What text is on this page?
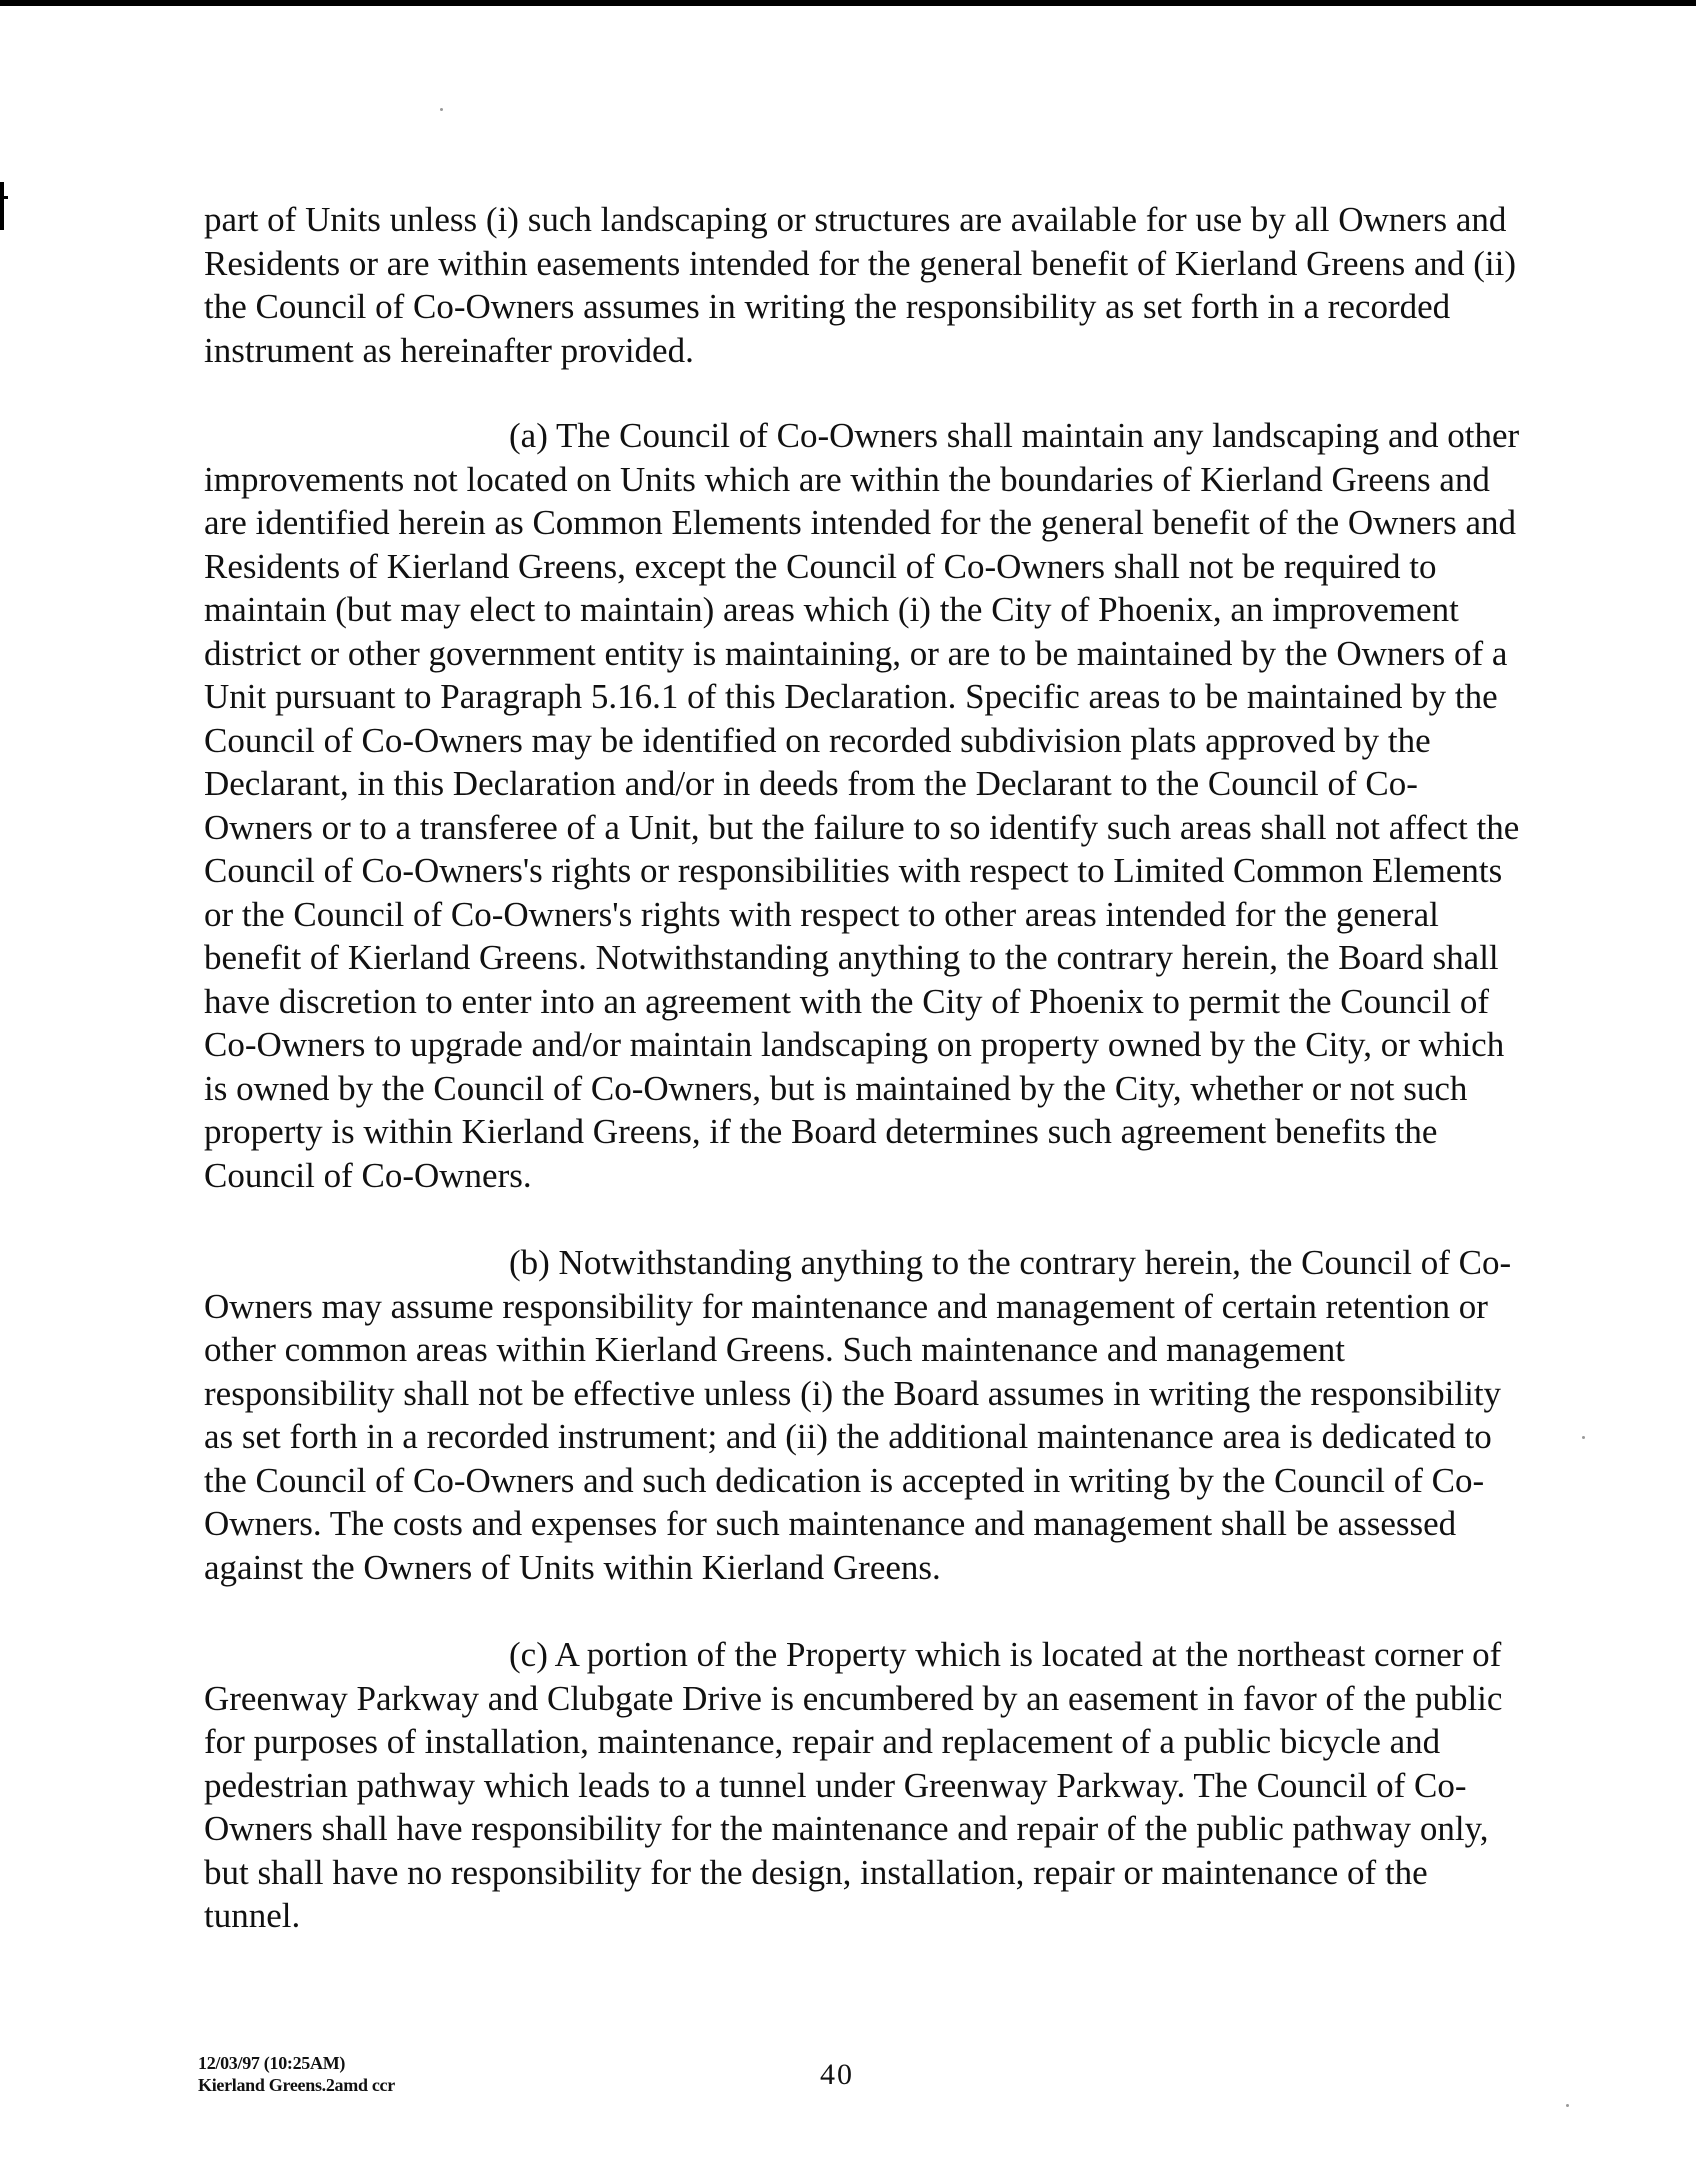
part of Units unless (i) such landscaping or structures are available for use by all Owners and Residents or are within easements intended for the general benefit of Kierland Greens and (ii) the Council of Co-Owners assumes in writing the responsibility as set forth in a recorded instrument as hereinafter provided.

(a) The Council of Co-Owners shall maintain any landscaping and other improvements not located on Units which are within the boundaries of Kierland Greens and are identified herein as Common Elements intended for the general benefit of the Owners and Residents of Kierland Greens, except the Council of Co-Owners shall not be required to maintain (but may elect to maintain) areas which (i) the City of Phoenix, an improvement district or other government entity is maintaining, or are to be maintained by the Owners of a Unit pursuant to Paragraph 5.16.1 of this Declaration. Specific areas to be maintained by the Council of Co-Owners may be identified on recorded subdivision plats approved by the Declarant, in this Declaration and/or in deeds from the Declarant to the Council of Co-Owners or to a transferee of a Unit, but the failure to so identify such areas shall not affect the Council of Co-Owners's rights or responsibilities with respect to Limited Common Elements or the Council of Co-Owners's rights with respect to other areas intended for the general benefit of Kierland Greens. Notwithstanding anything to the contrary herein, the Board shall have discretion to enter into an agreement with the City of Phoenix to permit the Council of Co-Owners to upgrade and/or maintain landscaping on property owned by the City, or which is owned by the Council of Co-Owners, but is maintained by the City, whether or not such property is within Kierland Greens, if the Board determines such agreement benefits the Council of Co-Owners.

(b) Notwithstanding anything to the contrary herein, the Council of Co-Owners may assume responsibility for maintenance and management of certain retention or other common areas within Kierland Greens. Such maintenance and management responsibility shall not be effective unless (i) the Board assumes in writing the responsibility as set forth in a recorded instrument; and (ii) the additional maintenance area is dedicated to the Council of Co-Owners and such dedication is accepted in writing by the Council of Co-Owners. The costs and expenses for such maintenance and management shall be assessed against the Owners of Units within Kierland Greens.

(c) A portion of the Property which is located at the northeast corner of Greenway Parkway and Clubgate Drive is encumbered by an easement in favor of the public for purposes of installation, maintenance, repair and replacement of a public bicycle and pedestrian pathway which leads to a tunnel under Greenway Parkway. The Council of Co-Owners shall have responsibility for the maintenance and repair of the public pathway only, but shall have no responsibility for the design, installation, repair or maintenance of the tunnel.

12/03/97 (10:25AM)
Kierland Greens.2amd ccr	40
